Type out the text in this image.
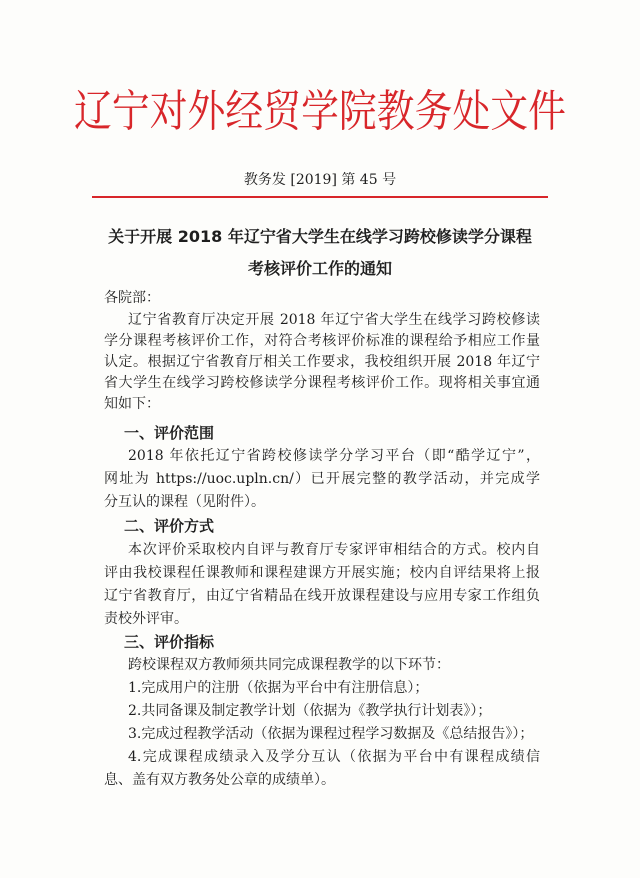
辽宁对外经贸学院教务处文件
教务发 [2019] 第 45 号
关于开展 2018 年辽宁省大学生在线学习跨校修读学分课程
考核评价工作的通知
各院部：
辽宁省教育厅决定开展 2018 年辽宁省大学生在线学习跨校修读
学分课程考核评价工作，对符合考核评价标准的课程给予相应工作量
认定。根据辽宁省教育厅相关工作要求，我校组织开展 2018 年辽宁
省大学生在线学习跨校修读学分课程考核评价工作。现将相关事宜通
知如下：
一、评价范围
2018 年依托辽宁省跨校修读学分学习平台（即“酷学辽宁”，
网址为 https://uoc.upln.cn/）已开展完整的教学活动，并完成学
分互认的课程（见附件）。
二、评价方式
本次评价采取校内自评与教育厅专家评审相结合的方式。校内自
评由我校课程任课教师和课程建课方开展实施；校内自评结果将上报
辽宁省教育厅，由辽宁省精品在线开放课程建设与应用专家工作组负
责校外评审。
三、评价指标
跨校课程双方教师须共同完成课程教学的以下环节：
1.完成用户的注册（依据为平台中有注册信息）；
2.共同备课及制定教学计划（依据为《教学执行计划表》）；
3.完成过程教学活动（依据为课程过程学习数据及《总结报告》）；
4.完成课程成绩录入及学分互认（依据为平台中有课程成绩信
息、盖有双方教务处公章的成绩单）。
